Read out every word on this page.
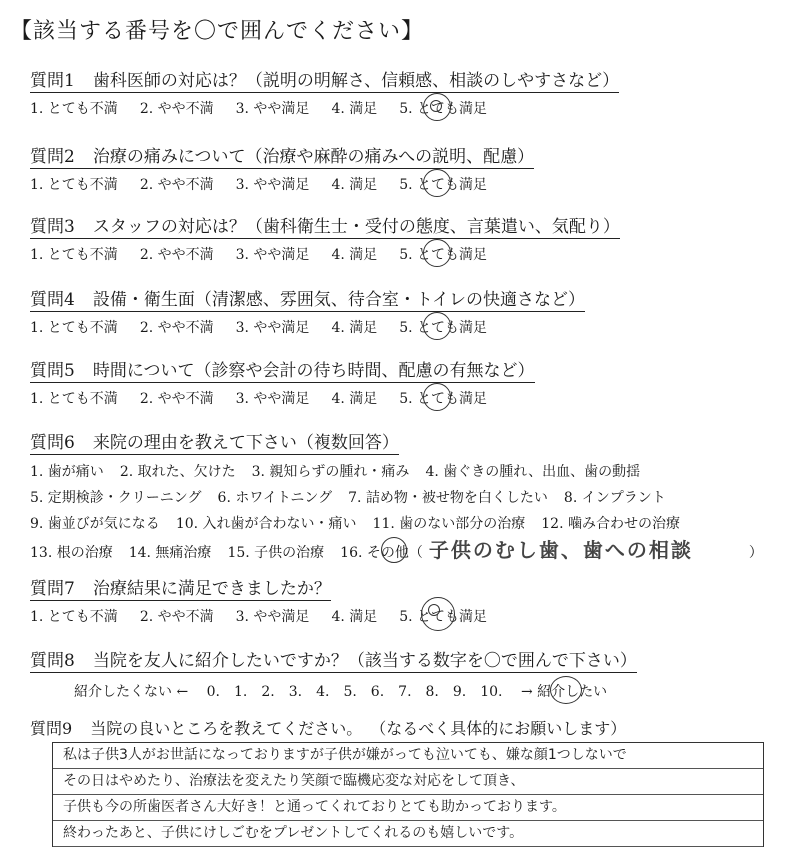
【該当する番号を〇で囲んでください】
質問1 歯科医師の対応は？（説明の明解さ、信頼感、相談のしやすさなど）
1. とても不満 2. やや不満 3. やや満足 4. 満足 5. とても満足
質問2 治療の痛みについて（治療や麻酔の痛みへの説明、配慮）
1. とても不満 2. やや不満 3. やや満足 4. 満足 5. とても満足
質問3 スタッフの対応は？（歯科衛生士・受付の態度、言葉遣い、気配り）
1. とても不満 2. やや不満 3. やや満足 4. 満足 5. とても満足
質問4 設備・衛生面（清潔感、雰囲気、待合室・トイレの快適さなど）
1. とても不満 2. やや不満 3. やや満足 4. 満足 5. とても満足
質問5 時間について（診察や会計の待ち時間、配慮の有無など）
1. とても不満 2. やや不満 3. やや満足 4. 満足 5. とても満足
質問6 来院の理由を教えて下さい（複数回答）
1. 歯が痛い 2. 取れた、欠けた 3. 親知らずの腫れ・痛み 4. 歯ぐきの腫れ、出血、歯の動揺
5. 定期検診・クリーニング 6. ホワイトニング 7. 詰め物・被せ物を白くしたい 8. インプラント
9. 歯並びが気になる 10. 入れ歯が合わない・痛い 11. 歯のない部分の治療 12. 噛み合わせの治療
13. 根の治療 14. 無痛治療 15. 子供の治療 16. その他（ 子供のむし歯、歯への相談	）
質問7 治療結果に満足できましたか？
1. とても不満 2. やや不満 3. やや満足 4. 満足 5. とても満足
質問8 当院を友人に紹介したいですか？（該当する数字を〇で囲んで下さい）
紹介したくない ← 0. 1. 2. 3. 4. 5. 6. 7. 8. 9. 10. → 紹介したい
質問9 当院の良いところを教えてください。 （なるべく具体的にお願いします）
私は子供3人がお世話になっておりますが子供が嫌がっても泣いても、嫌な顔1つしないで
その日はやめたり、治療法を変えたり笑顔で臨機応変な対応をして頂き、
子供も今の所歯医者さん大好き！と通ってくれておりとても助かっております。
終わったあと、子供にけしごむをプレゼントしてくれるのも嬉しいです。
